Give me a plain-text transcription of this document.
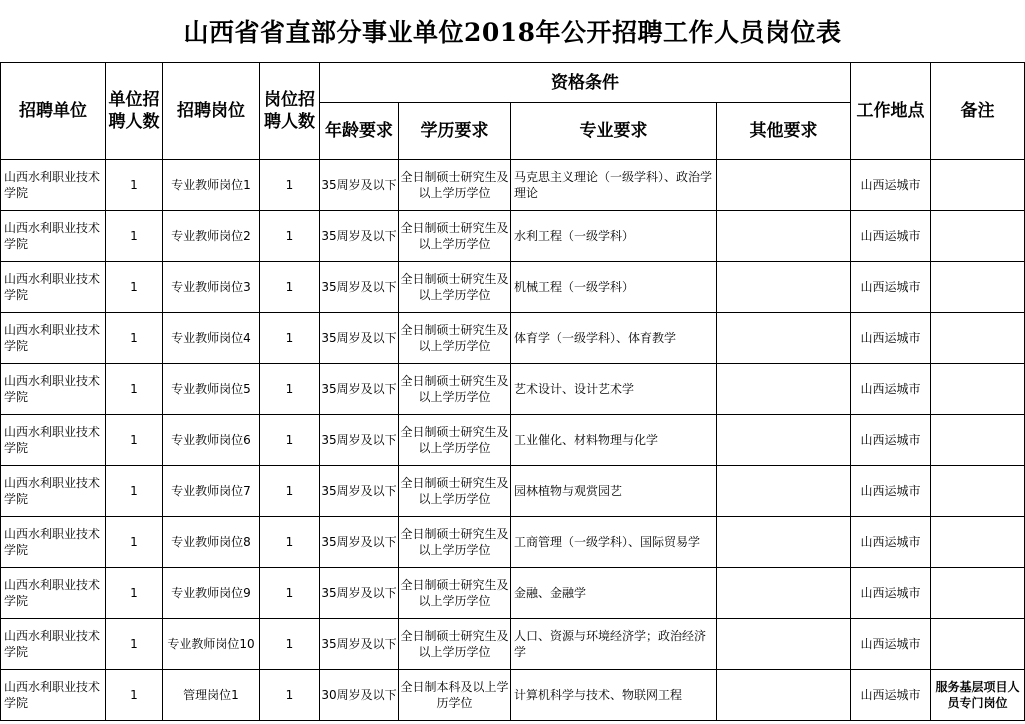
山西省省直部分事业单位2018年公开招聘工作人员岗位表
招聘单位	单位招聘人数	招聘岗位	岗位招聘人数	资格条件				工作地点	备注
				年龄要求	学历要求	专业要求	其他要求		
山西水利职业技术学院	1	专业教师岗位1	1	35周岁及以下	全日制硕士研究生及以上学历学位	马克思主义理论（一级学科）、政治学理论		山西运城市	
山西水利职业技术学院	1	专业教师岗位2	1	35周岁及以下	全日制硕士研究生及以上学历学位	水利工程（一级学科）		山西运城市	
山西水利职业技术学院	1	专业教师岗位3	1	35周岁及以下	全日制硕士研究生及以上学历学位	机械工程（一级学科）		山西运城市	
山西水利职业技术学院	1	专业教师岗位4	1	35周岁及以下	全日制硕士研究生及以上学历学位	体育学（一级学科）、体育教学		山西运城市	
山西水利职业技术学院	1	专业教师岗位5	1	35周岁及以下	全日制硕士研究生及以上学历学位	艺术设计、设计艺术学		山西运城市	
山西水利职业技术学院	1	专业教师岗位6	1	35周岁及以下	全日制硕士研究生及以上学历学位	工业催化、材料物理与化学		山西运城市	
山西水利职业技术学院	1	专业教师岗位7	1	35周岁及以下	全日制硕士研究生及以上学历学位	园林植物与观赏园艺		山西运城市	
山西水利职业技术学院	1	专业教师岗位8	1	35周岁及以下	全日制硕士研究生及以上学历学位	工商管理（一级学科）、国际贸易学		山西运城市	
山西水利职业技术学院	1	专业教师岗位9	1	35周岁及以下	全日制硕士研究生及以上学历学位	金融、金融学		山西运城市	
山西水利职业技术学院	1	专业教师岗位10	1	35周岁及以下	全日制硕士研究生及以上学历学位	人口、资源与环境经济学；政治经济学		山西运城市	
山西水利职业技术学院	1	管理岗位1	1	30周岁及以下	全日制本科及以上学历学位	计算机科学与技术、物联网工程		山西运城市	服务基层项目人员专门岗位
